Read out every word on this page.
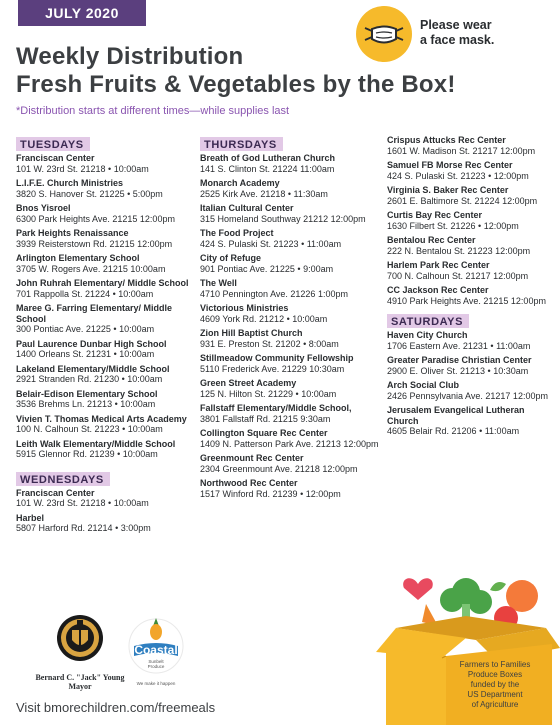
JULY 2020
Please wear
a face mask.
Weekly Distribution
Fresh Fruits & Vegetables by the Box!
*Distribution starts at different times—while supplies last
TUESDAYS
Franciscan Center
101 W. 23rd St. 21218 • 10:00am
L.I.F.E. Church Ministries
3820 S. Hanover St. 21225 • 5:00pm
Bnos Yisroel
6300 Park Heights Ave. 21215 12:00pm
Park Heights Renaissance
3939 Reisterstown Rd. 21215 12:00pm
Arlington Elementary School
3705 W. Rogers Ave. 21215 10:00am
John Ruhrah Elementary/ Middle School
701 Rappolla St. 21224 • 10:00am
Maree G. Farring Elementary/ Middle School
300 Pontiac Ave. 21225 • 10:00am
Paul Laurence Dunbar High School
1400 Orleans St. 21231 • 10:00am
Lakeland Elementary/Middle School
2921 Stranden Rd. 21230 • 10:00am
Belair-Edison Elementary School
3536 Brehms Ln. 21213 • 10:00am
Vivien T. Thomas Medical Arts Academy
100 N. Calhoun St. 21223 • 10:00am
Leith Walk Elementary/Middle School
5915 Glennor Rd. 21239 • 10:00am
WEDNESDAYS
Franciscan Center
101 W. 23rd St. 21218 • 10:00am
Harbel
5807 Harford Rd. 21214 • 3:00pm
THURSDAYS
Breath of God Lutheran Church
141 S. Clinton St. 21224 11:00am
Monarch Academy
2525 Kirk Ave. 21218 • 11:30am
Italian Cultural Center
315 Homeland Southway 21212 12:00pm
The Food Project
424 S. Pulaski St. 21223 • 11:00am
City of Refuge
901 Pontiac Ave. 21225 • 9:00am
The Well
4710 Pennington Ave. 21226 1:00pm
Victorious Ministries
4609 York Rd. 21212 • 10:00am
Zion Hill Baptist Church
931 E. Preston St. 21202 • 8:00am
Stillmeadow Community Fellowship
5110 Frederick Ave. 21229 10:30am
Green Street Academy
125 N. Hilton St. 21229 • 10:00am
Fallstaff Elementary/Middle School,
3801 Fallstaff Rd. 21215 9:30am
Collington Square Rec Center
1409 N. Patterson Park Ave. 21213 12:00pm
Greenmount Rec Center
2304 Greenmount Ave. 21218 12:00pm
Northwood Rec Center
1517 Winford Rd. 21239 • 12:00pm
Crispus Attucks Rec Center
1601 W. Madison St. 21217 12:00pm
Samuel FB Morse Rec Center
424 S. Pulaski St. 21223 • 12:00pm
Virginia S. Baker Rec Center
2601 E. Baltimore St. 21224 12:00pm
Curtis Bay Rec Center
1630 Filbert St. 21226 • 12:00pm
Bentalou Rec Center
222 N. Bentalou St. 21223 12:00pm
Harlem Park Rec Center
700 N. Calhoun St. 21217 12:00pm
CC Jackson Rec Center
4910 Park Heights Ave. 21215 12:00pm
SATURDAYS
Haven City Church
1706 Eastern Ave. 21231 • 11:00am
Greater Paradise Christian Center
2900 E. Oliver St. 21213 • 10:30am
Arch Social Club
2426 Pennsylvania Ave. 21217 12:00pm
Jerusalem Evangelical Lutheran Church
4605 Belair Rd. 21206 • 11:00am
Bernard C. "Jack" Young
Mayor
Coastal
Sunbelt
Produce
We make it happen
Visit bmorechildren.com/freemeals
Farmers to Families
Produce Boxes
funded by the
US Department
of Agriculture
